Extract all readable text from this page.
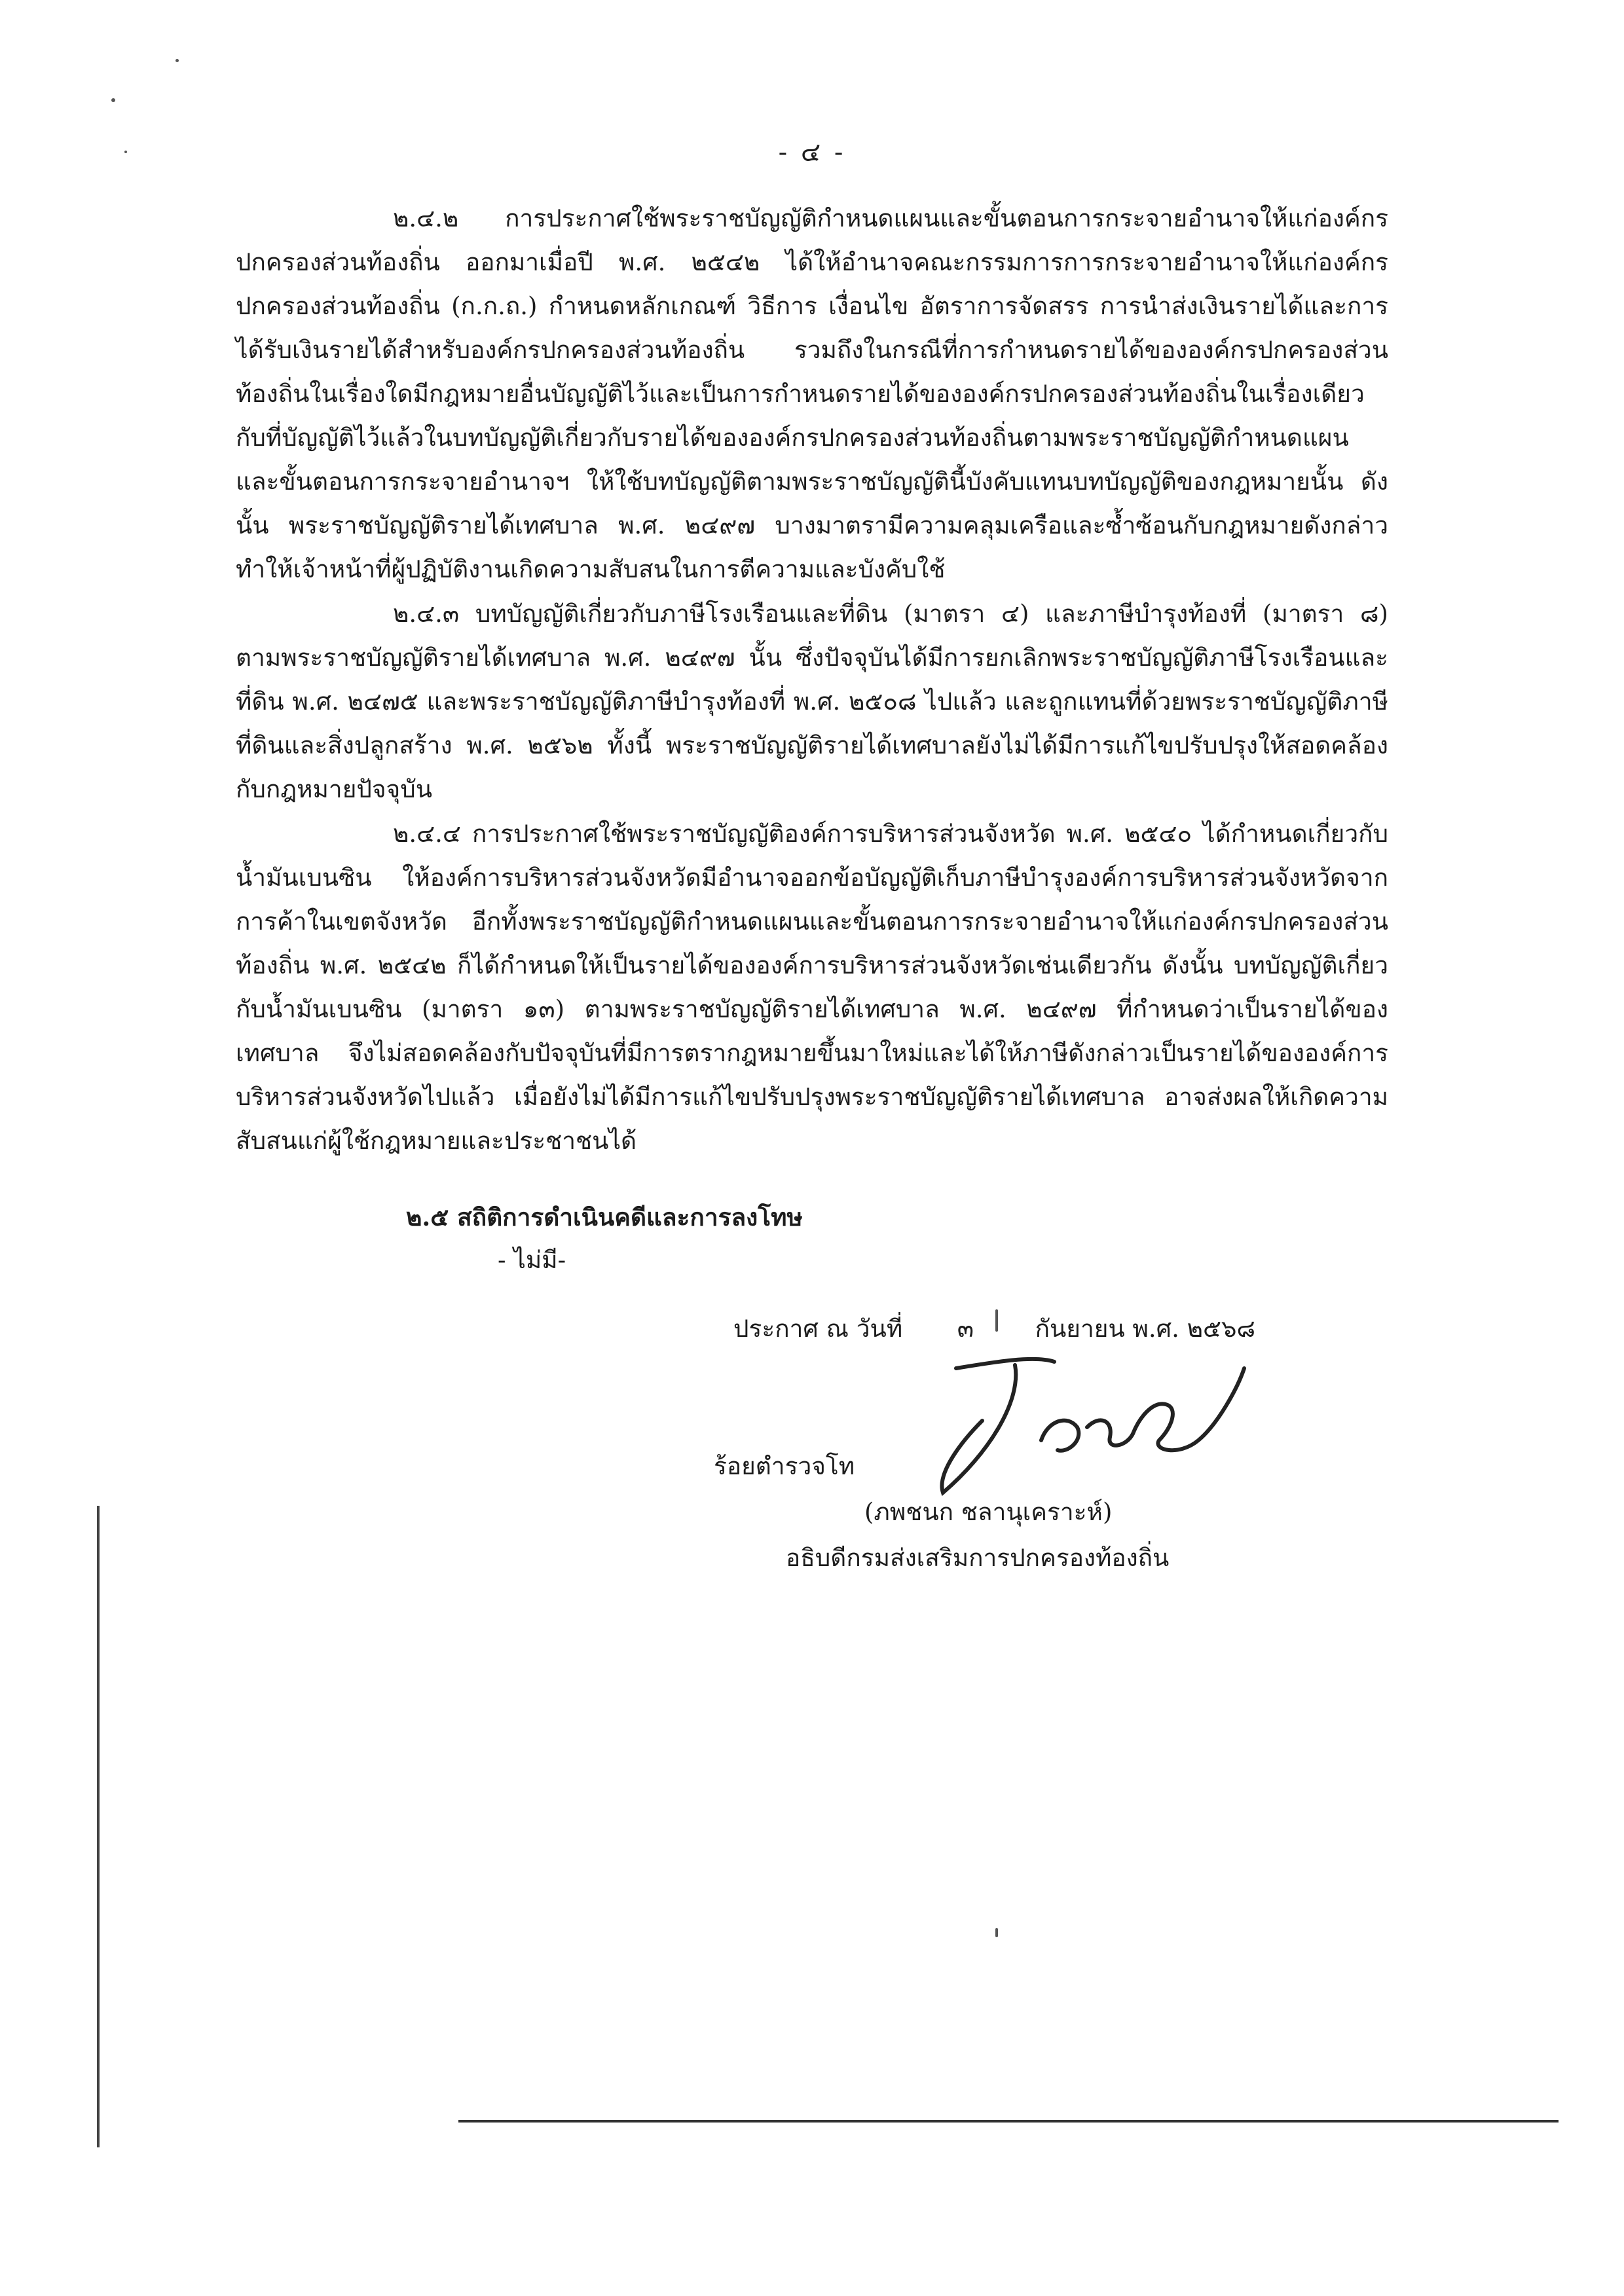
- ๔ -

๒.๔.๒ การประกาศใช้พระราชบัญญัติกำหนดแผนและขั้นตอนการกระจายอำนาจให้แก่องค์กรปกครองส่วนท้องถิ่น ออกมาเมื่อปี พ.ศ. ๒๕๔๒ ได้ให้อำนาจคณะกรรมการการกระจายอำนาจให้แก่องค์กรปกครองส่วนท้องถิ่น (ก.ก.ถ.) กำหนดหลักเกณฑ์ วิธีการ เงื่อนไข อัตราการจัดสรร การนำส่งเงินรายได้และการได้รับเงินรายได้สำหรับองค์กรปกครองส่วนท้องถิ่น รวมถึงในกรณีที่การกำหนดรายได้ขององค์กรปกครองส่วนท้องถิ่นในเรื่องใดมีกฎหมายอื่นบัญญัติไว้และเป็นการกำหนดรายได้ขององค์กรปกครองส่วนท้องถิ่นในเรื่องเดียวกับที่บัญญัติไว้แล้วในบทบัญญัติเกี่ยวกับรายได้ขององค์กรปกครองส่วนท้องถิ่นตามพระราชบัญญัติกำหนดแผนและขั้นตอนการกระจายอำนาจฯ ให้ใช้บทบัญญัติตามพระราชบัญญัตินี้บังคับแทนบทบัญญัติของกฎหมายนั้น ดังนั้น พระราชบัญญัติรายได้เทศบาล พ.ศ. ๒๔๙๗ บางมาตรามีความคลุมเครือและซ้ำซ้อนกับกฎหมายดังกล่าว ทำให้เจ้าหน้าที่ผู้ปฏิบัติงานเกิดความสับสนในการตีความและบังคับใช้

๒.๔.๓ บทบัญญัติเกี่ยวกับภาษีโรงเรือนและที่ดิน (มาตรา ๔) และภาษีบำรุงท้องที่ (มาตรา ๘) ตามพระราชบัญญัติรายได้เทศบาล พ.ศ. ๒๔๙๗ นั้น ซึ่งปัจจุบันได้มีการยกเลิกพระราชบัญญัติภาษีโรงเรือนและที่ดิน พ.ศ. ๒๔๗๕ และพระราชบัญญัติภาษีบำรุงท้องที่ พ.ศ. ๒๕๐๘ ไปแล้ว และถูกแทนที่ด้วยพระราชบัญญัติภาษีที่ดินและสิ่งปลูกสร้าง พ.ศ. ๒๕๖๒ ทั้งนี้ พระราชบัญญัติรายได้เทศบาลยังไม่ได้มีการแก้ไขปรับปรุงให้สอดคล้องกับกฎหมายปัจจุบัน

๒.๔.๔ การประกาศใช้พระราชบัญญัติองค์การบริหารส่วนจังหวัด พ.ศ. ๒๕๔๐ ได้กำหนดเกี่ยวกับน้ำมันเบนซิน ให้องค์การบริหารส่วนจังหวัดมีอำนาจออกข้อบัญญัติเก็บภาษีบำรุงองค์การบริหารส่วนจังหวัดจากการค้าในเขตจังหวัด อีกทั้งพระราชบัญญัติกำหนดแผนและขั้นตอนการกระจายอำนาจให้แก่องค์กรปกครองส่วนท้องถิ่น พ.ศ. ๒๕๔๒ ก็ได้กำหนดให้เป็นรายได้ขององค์การบริหารส่วนจังหวัดเช่นเดียวกัน ดังนั้น บทบัญญัติเกี่ยวกับน้ำมันเบนซิน (มาตรา ๑๓) ตามพระราชบัญญัติรายได้เทศบาล พ.ศ. ๒๔๙๗ ที่กำหนดว่าเป็นรายได้ของเทศบาล จึงไม่สอดคล้องกับปัจจุบันที่มีการตรากฎหมายขึ้นมาใหม่และได้ให้ภาษีดังกล่าวเป็นรายได้ขององค์การบริหารส่วนจังหวัดไปแล้ว เมื่อยังไม่ได้มีการแก้ไขปรับปรุงพระราชบัญญัติรายได้เทศบาล อาจส่งผลให้เกิดความสับสนแก่ผู้ใช้กฎหมายและประชาชนได้

๒.๕ สถิติการดำเนินคดีและการลงโทษ
- ไม่มี-
ประกาศ ณ วันที่ ๓	กันยายน พ.ศ. ๒๕๖๘
ร้อยตำรวจโท
(ภพชนก ชลานุเคราะห์)
อธิบดีกรมส่งเสริมการปกครองท้องถิ่น
